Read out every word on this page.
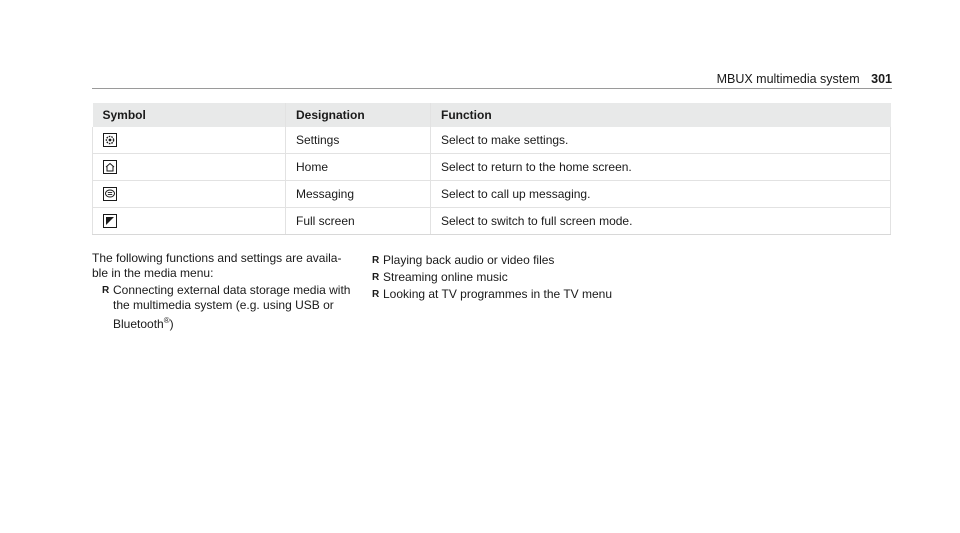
MBUX multimedia system 301
Symbol	Designation	Function

	Settings	Select to make settings.

	Home	Select to return to the home screen.

	Messaging	Select to call up messaging.

	Full screen	Select to switch to full screen mode.

The following functions and settings are availa-
ble in the media menu:

R Connecting external data storage media with
the multimedia system (e.g. using USB or
Bluetooth®)
R Playing back audio or video files
R Streaming online music
R Looking at TV programmes in the TV menu
